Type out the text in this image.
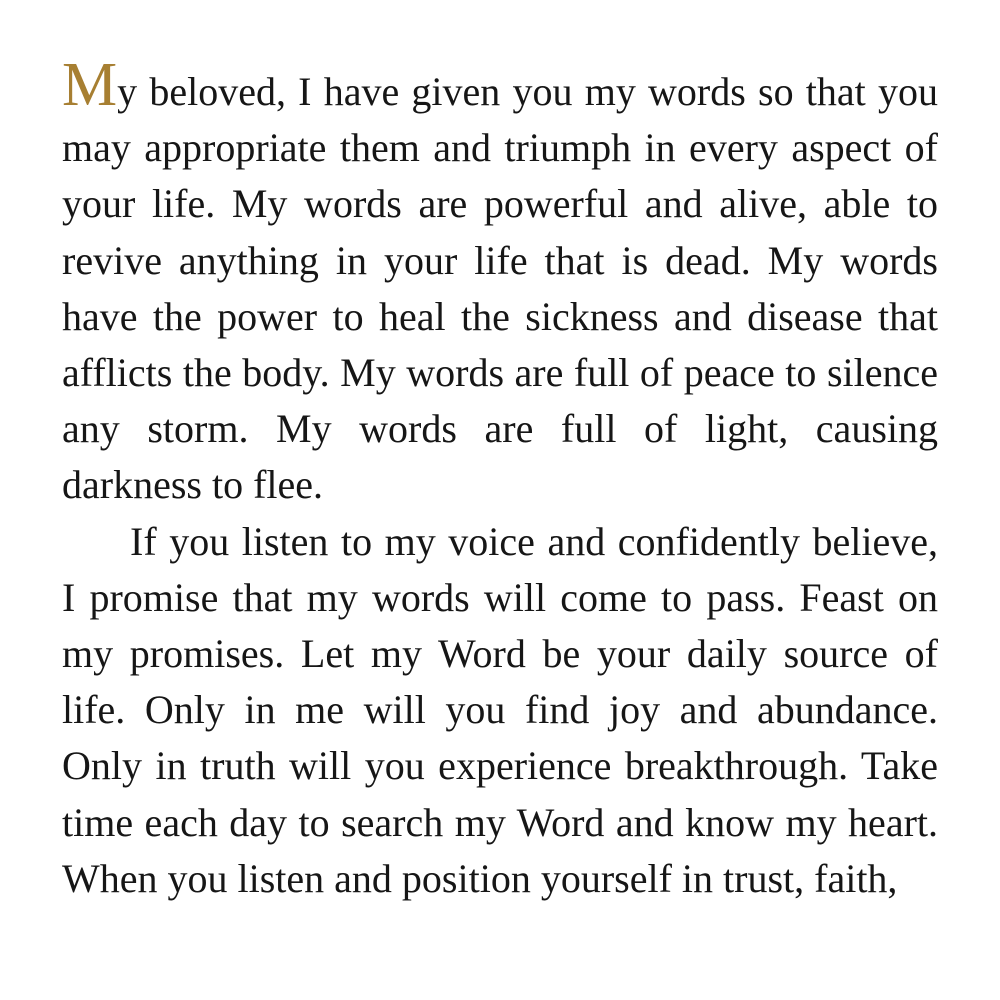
My beloved, I have given you my words so that you may appropriate them and triumph in every aspect of your life. My words are powerful and alive, able to revive anything in your life that is dead. My words have the power to heal the sickness and disease that afflicts the body. My words are full of peace to silence any storm. My words are full of light, causing darkness to flee.

If you listen to my voice and confidently believe, I promise that my words will come to pass. Feast on my promises. Let my Word be your daily source of life. Only in me will you find joy and abundance. Only in truth will you experience breakthrough. Take time each day to search my Word and know my heart. When you listen and position yourself in trust, faith,
